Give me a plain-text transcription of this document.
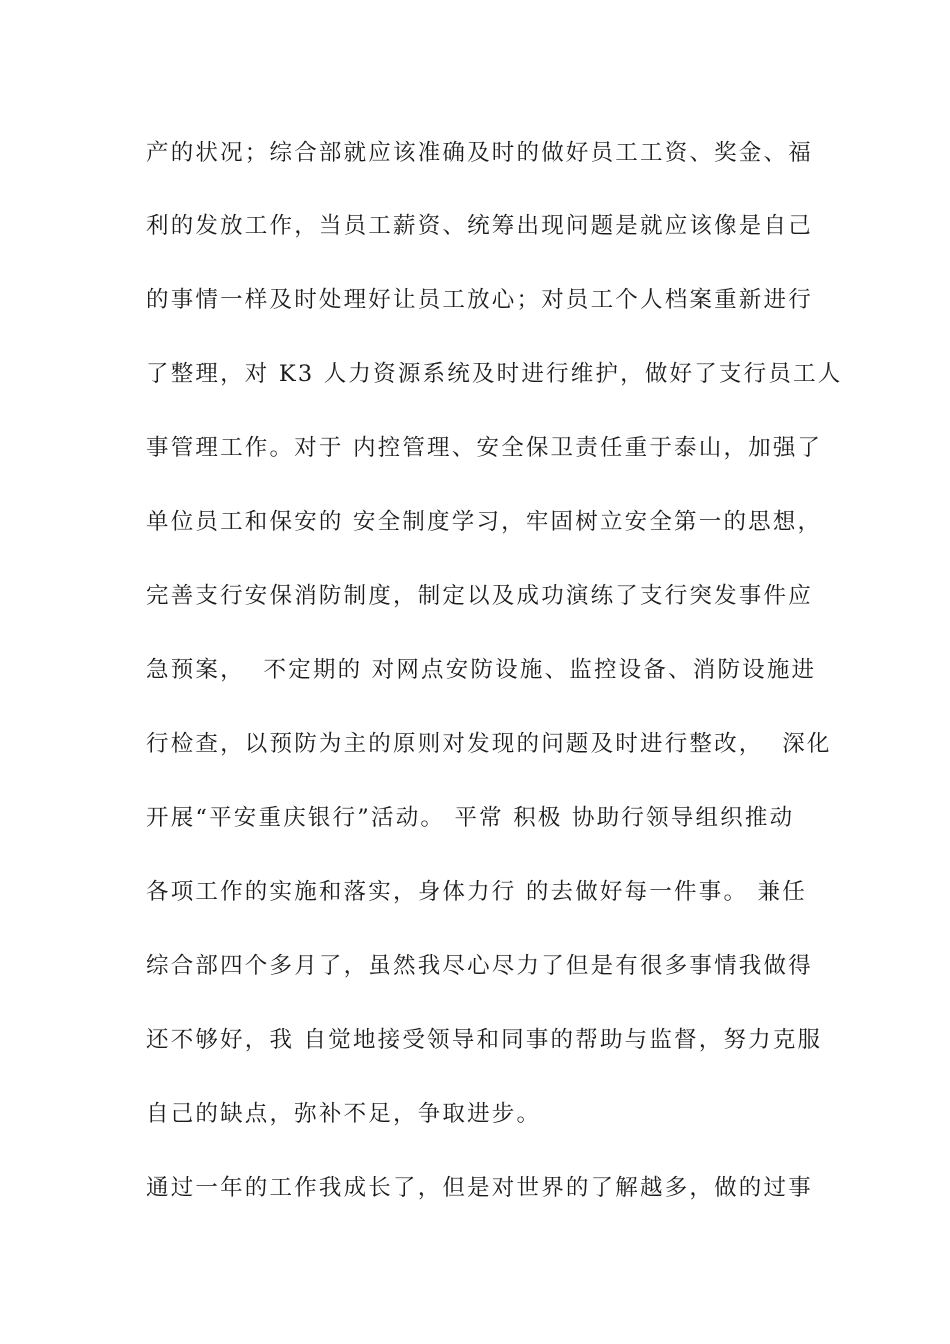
产的状况；综合部就应该准确及时的做好员工工资、奖金、福
利的发放工作，当员工薪资、统筹出现问题是就应该像是自己
的事情一样及时处理好让员工放心；对员工个人档案重新进行
了整理，对 K3 人力资源系统及时进行维护，做好了支行员工人
事管理工作。对于 内控管理、安全保卫责任重于泰山，加强了
单位员工和保安的 安全制度学习，牢固树立安全第一的思想，
完善支行安保消防制度，制定以及成功演练了支行突发事件应
急预案，  不定期的 对网点安防设施、监控设备、消防设施进
行检查，以预防为主的原则对发现的问题及时进行整改，  深化
开展“平安重庆银行”活动。 平常 积极 协助行领导组织推动
各项工作的实施和落实，身体力行 的去做好每一件事。 兼任
综合部四个多月了，虽然我尽心尽力了但是有很多事情我做得
还不够好，我 自觉地接受领导和同事的帮助与监督，努力克服
自己的缺点，弥补不足，争取进步。
通过一年的工作我成长了，但是对世界的了解越多，做的过事
